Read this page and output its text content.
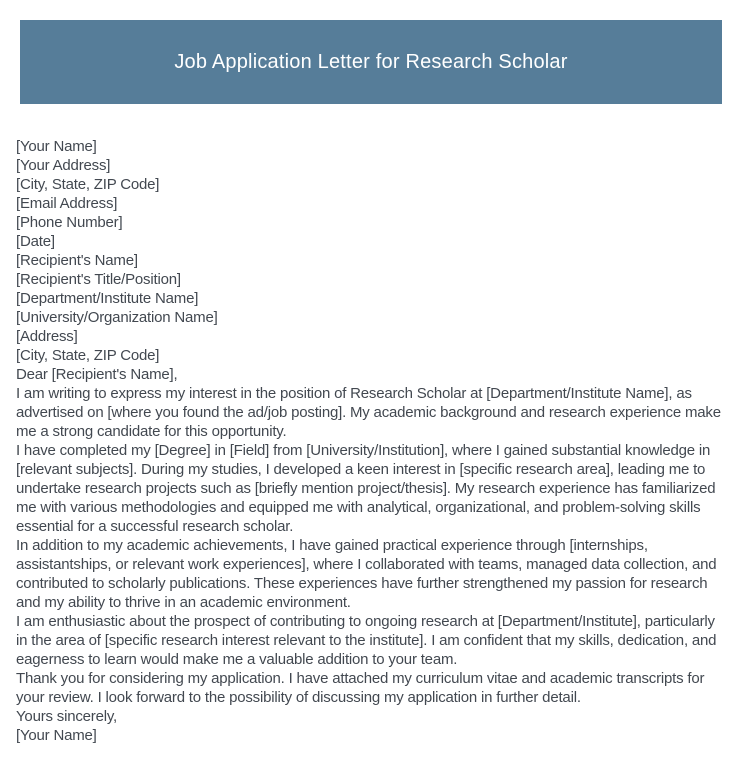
Job Application Letter for Research Scholar
[Your Name]
[Your Address]
[City, State, ZIP Code]
[Email Address]
[Phone Number]
[Date]
[Recipient's Name]
[Recipient's Title/Position]
[Department/Institute Name]
[University/Organization Name]
[Address]
[City, State, ZIP Code]
Dear [Recipient's Name],

I am writing to express my interest in the position of Research Scholar at [Department/Institute Name], as advertised on [where you found the ad/job posting]. My academic background and research experience make me a strong candidate for this opportunity.

I have completed my [Degree] in [Field] from [University/Institution], where I gained substantial knowledge in [relevant subjects]. During my studies, I developed a keen interest in [specific research area], leading me to undertake research projects such as [briefly mention project/thesis]. My research experience has familiarized me with various methodologies and equipped me with analytical, organizational, and problem-solving skills essential for a successful research scholar.

In addition to my academic achievements, I have gained practical experience through [internships, assistantships, or relevant work experiences], where I collaborated with teams, managed data collection, and contributed to scholarly publications. These experiences have further strengthened my passion for research and my ability to thrive in an academic environment.

I am enthusiastic about the prospect of contributing to ongoing research at [Department/Institute], particularly in the area of [specific research interest relevant to the institute]. I am confident that my skills, dedication, and eagerness to learn would make me a valuable addition to your team.

Thank you for considering my application. I have attached my curriculum vitae and academic transcripts for your review. I look forward to the possibility of discussing my application in further detail.

Yours sincerely,
[Your Name]
